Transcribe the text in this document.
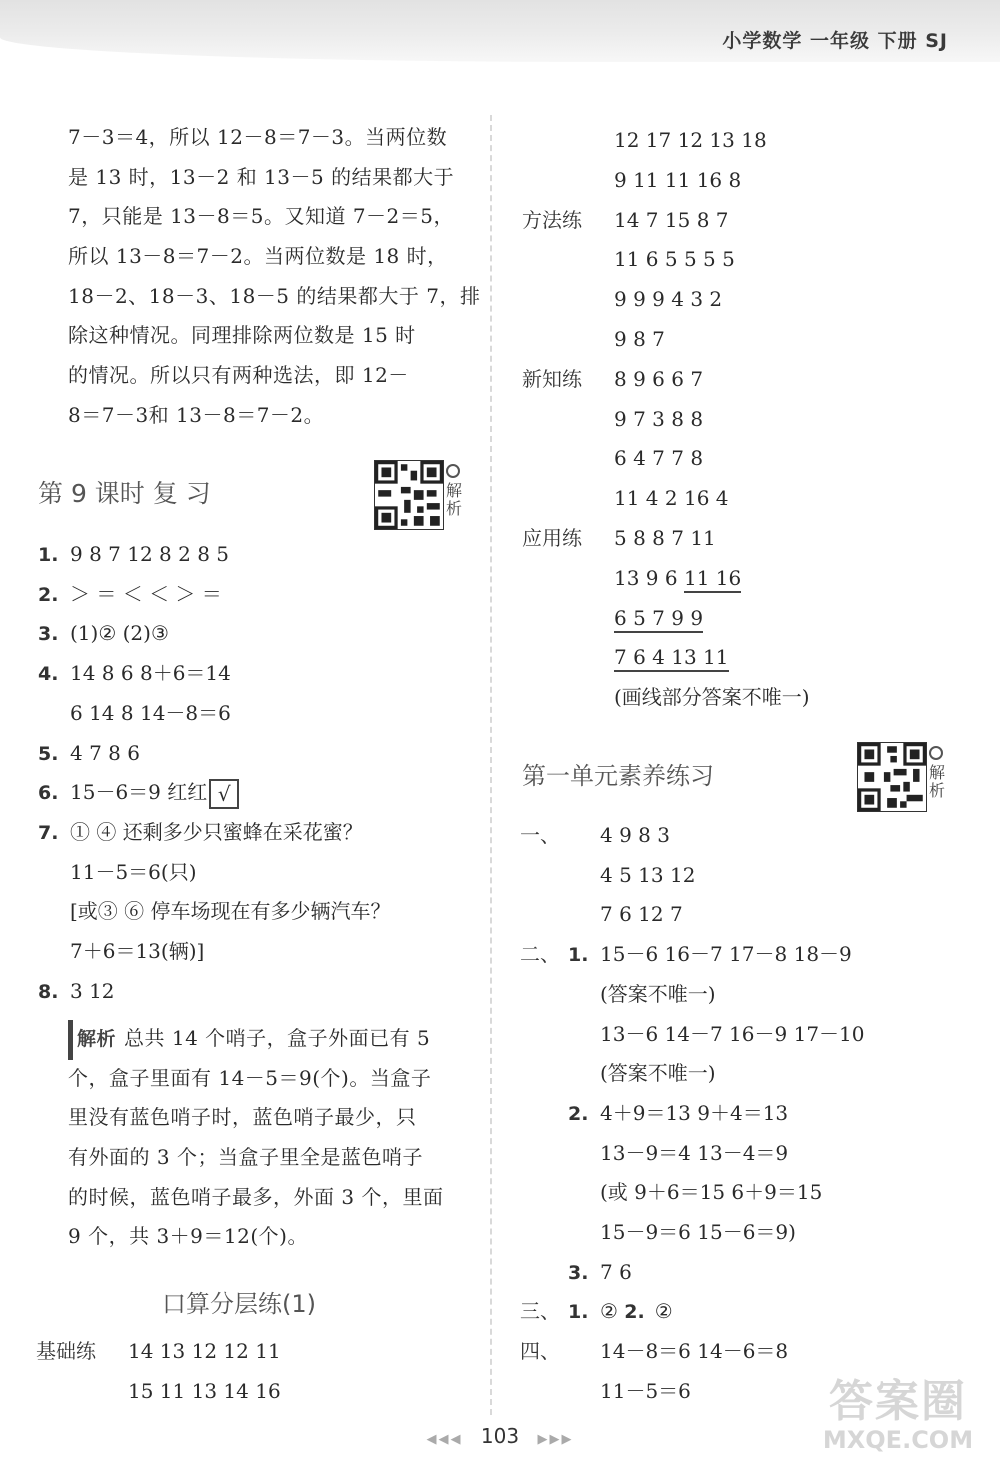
小学数学 一年级 下册 SJ
7－3＝4，所以 12－8＝7－3。当两位数
是 13 时，13－2 和 13－5 的结果都大于
7，只能是 13－8＝5。又知道 7－2＝5，
所以 13－8＝7－2。当两位数是 18 时，
18－2、18－3、18－5 的结果都大于 7，排
除这种情况。同理排除两位数是 15 时
的情况。所以只有两种选法，即 12－
8＝7－3和 13－8＝7－2。
第 9 课时 复 习	解析
1. 9 8 7 12 8 2 8 5
2. ＞ ＝ ＜ ＜ ＞ ＝
3. (1)② (2)③
4. 14 8 6 8＋6＝14
6 14 8 14－8＝6
5. 4 7 8 6
6. 15－6＝9 红红 √
7. ① ④ 还剩多少只蜜蜂在采花蜜？
11－5＝6(只)
[或③ ⑥ 停车场现在有多少辆汽车？
7＋6＝13(辆)]
8. 3 12
解析 总共 14 个哨子，盒子外面已有 5
个，盒子里面有 14－5＝9(个)。当盒子
里没有蓝色哨子时，蓝色哨子最少，只
有外面的 3 个；当盒子里全是蓝色哨子
的时候，蓝色哨子最多，外面 3 个，里面
9 个，共 3＋9＝12(个)。
口算分层练(1)
基础练 14 13 12 12 11
15 11 13 14 16
12 17 12 13 18
9 11 11 16 8
方法练 14 7 15 8 7
11 6 5 5 5 5
9 9 9 4 3 2
9 8 7
新知练 8 9 6 6 7
9 7 3 8 8
6 4 7 7 8
11 4 2 16 4
应用练 5 8 8 7 11
13 9 6 11 16
6 5 7 9 9
7 6 4 13 11
(画线部分答案不唯一)
第一单元素养练习	解析
一、 4 9 8 3
4 5 13 12
7 6 12 7
二、 1. 15－6 16－7 17－8 18－9
(答案不唯一)
13－6 14－7 16－9 17－10
(答案不唯一)
2. 4＋9＝13 9＋4＝13
13－9＝4 13－4＝9
(或 9＋6＝15 6＋9＝15
15－9＝6 15－6＝9)
3. 7 6
三、 1. ② 2. ②
四、 14－8＝6 14－6＝8
11－5＝6
◀◀◀ 103 ▶▶▶
答案圈
MXQE.COM
